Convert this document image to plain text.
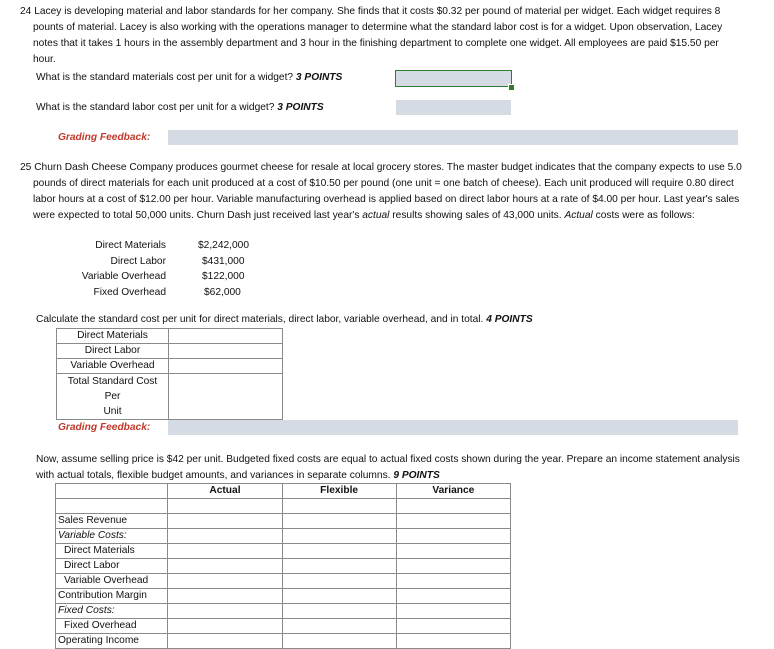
24 Lacey is developing material and labor standards for her company. She finds that it costs $0.32 per pound of material per widget. Each widget requires 8
pounts of material. Lacey is also working with the operations manager to determine what the standard labor cost is for a widget. Upon observation, Lacey
notes that it takes 1 hours in the assembly department and 3 hour in the finishing department to complete one widget. All employees are paid $15.50 per
hour.
What is the standard materials cost per unit for a widget? 3 POINTS
What is the standard labor cost per unit for a widget? 3 POINTS
Grading Feedback:
25 Churn Dash Cheese Company produces gourmet cheese for resale at local grocery stores. The master budget indicates that the company expects to use 5.0
pounds of direct materials for each unit produced at a cost of $10.50 per pound (one unit = one batch of cheese). Each unit produced will require 0.80 direct
labor hours at a cost of $12.00 per hour. Variable manufacturing overhead is applied based on direct labor hours at a rate of $4.00 per hour. Last year's sales
were expected to total 50,000 units. Churn Dash just received last year's actual results showing sales of 43,000 units. Actual costs were as follows:
Direct Materials	$2,242,000
Direct Labor	$431,000
Variable Overhead	$122,000
Fixed Overhead	$62,000
Calculate the standard cost per unit for direct materials, direct labor, variable overhead, and in total. 4 POINTS
Direct Materials	
Direct Labor	
Variable Overhead	

Total Standard Cost Per
Unit	

Grading Feedback:
Now, assume selling price is $42 per unit. Budgeted fixed costs are equal to actual fixed costs shown during the year. Prepare an income statement analysis
with actual totals, flexible budget amounts, and variances in separate columns. 9 POINTS
	Actual	Flexible	Variance

Sales Revenue			
Variable Costs:			
Direct Materials			
Direct Labor			
Variable Overhead			
Contribution Margin			
Fixed Costs:			
Fixed Overhead			
Operating Income			
